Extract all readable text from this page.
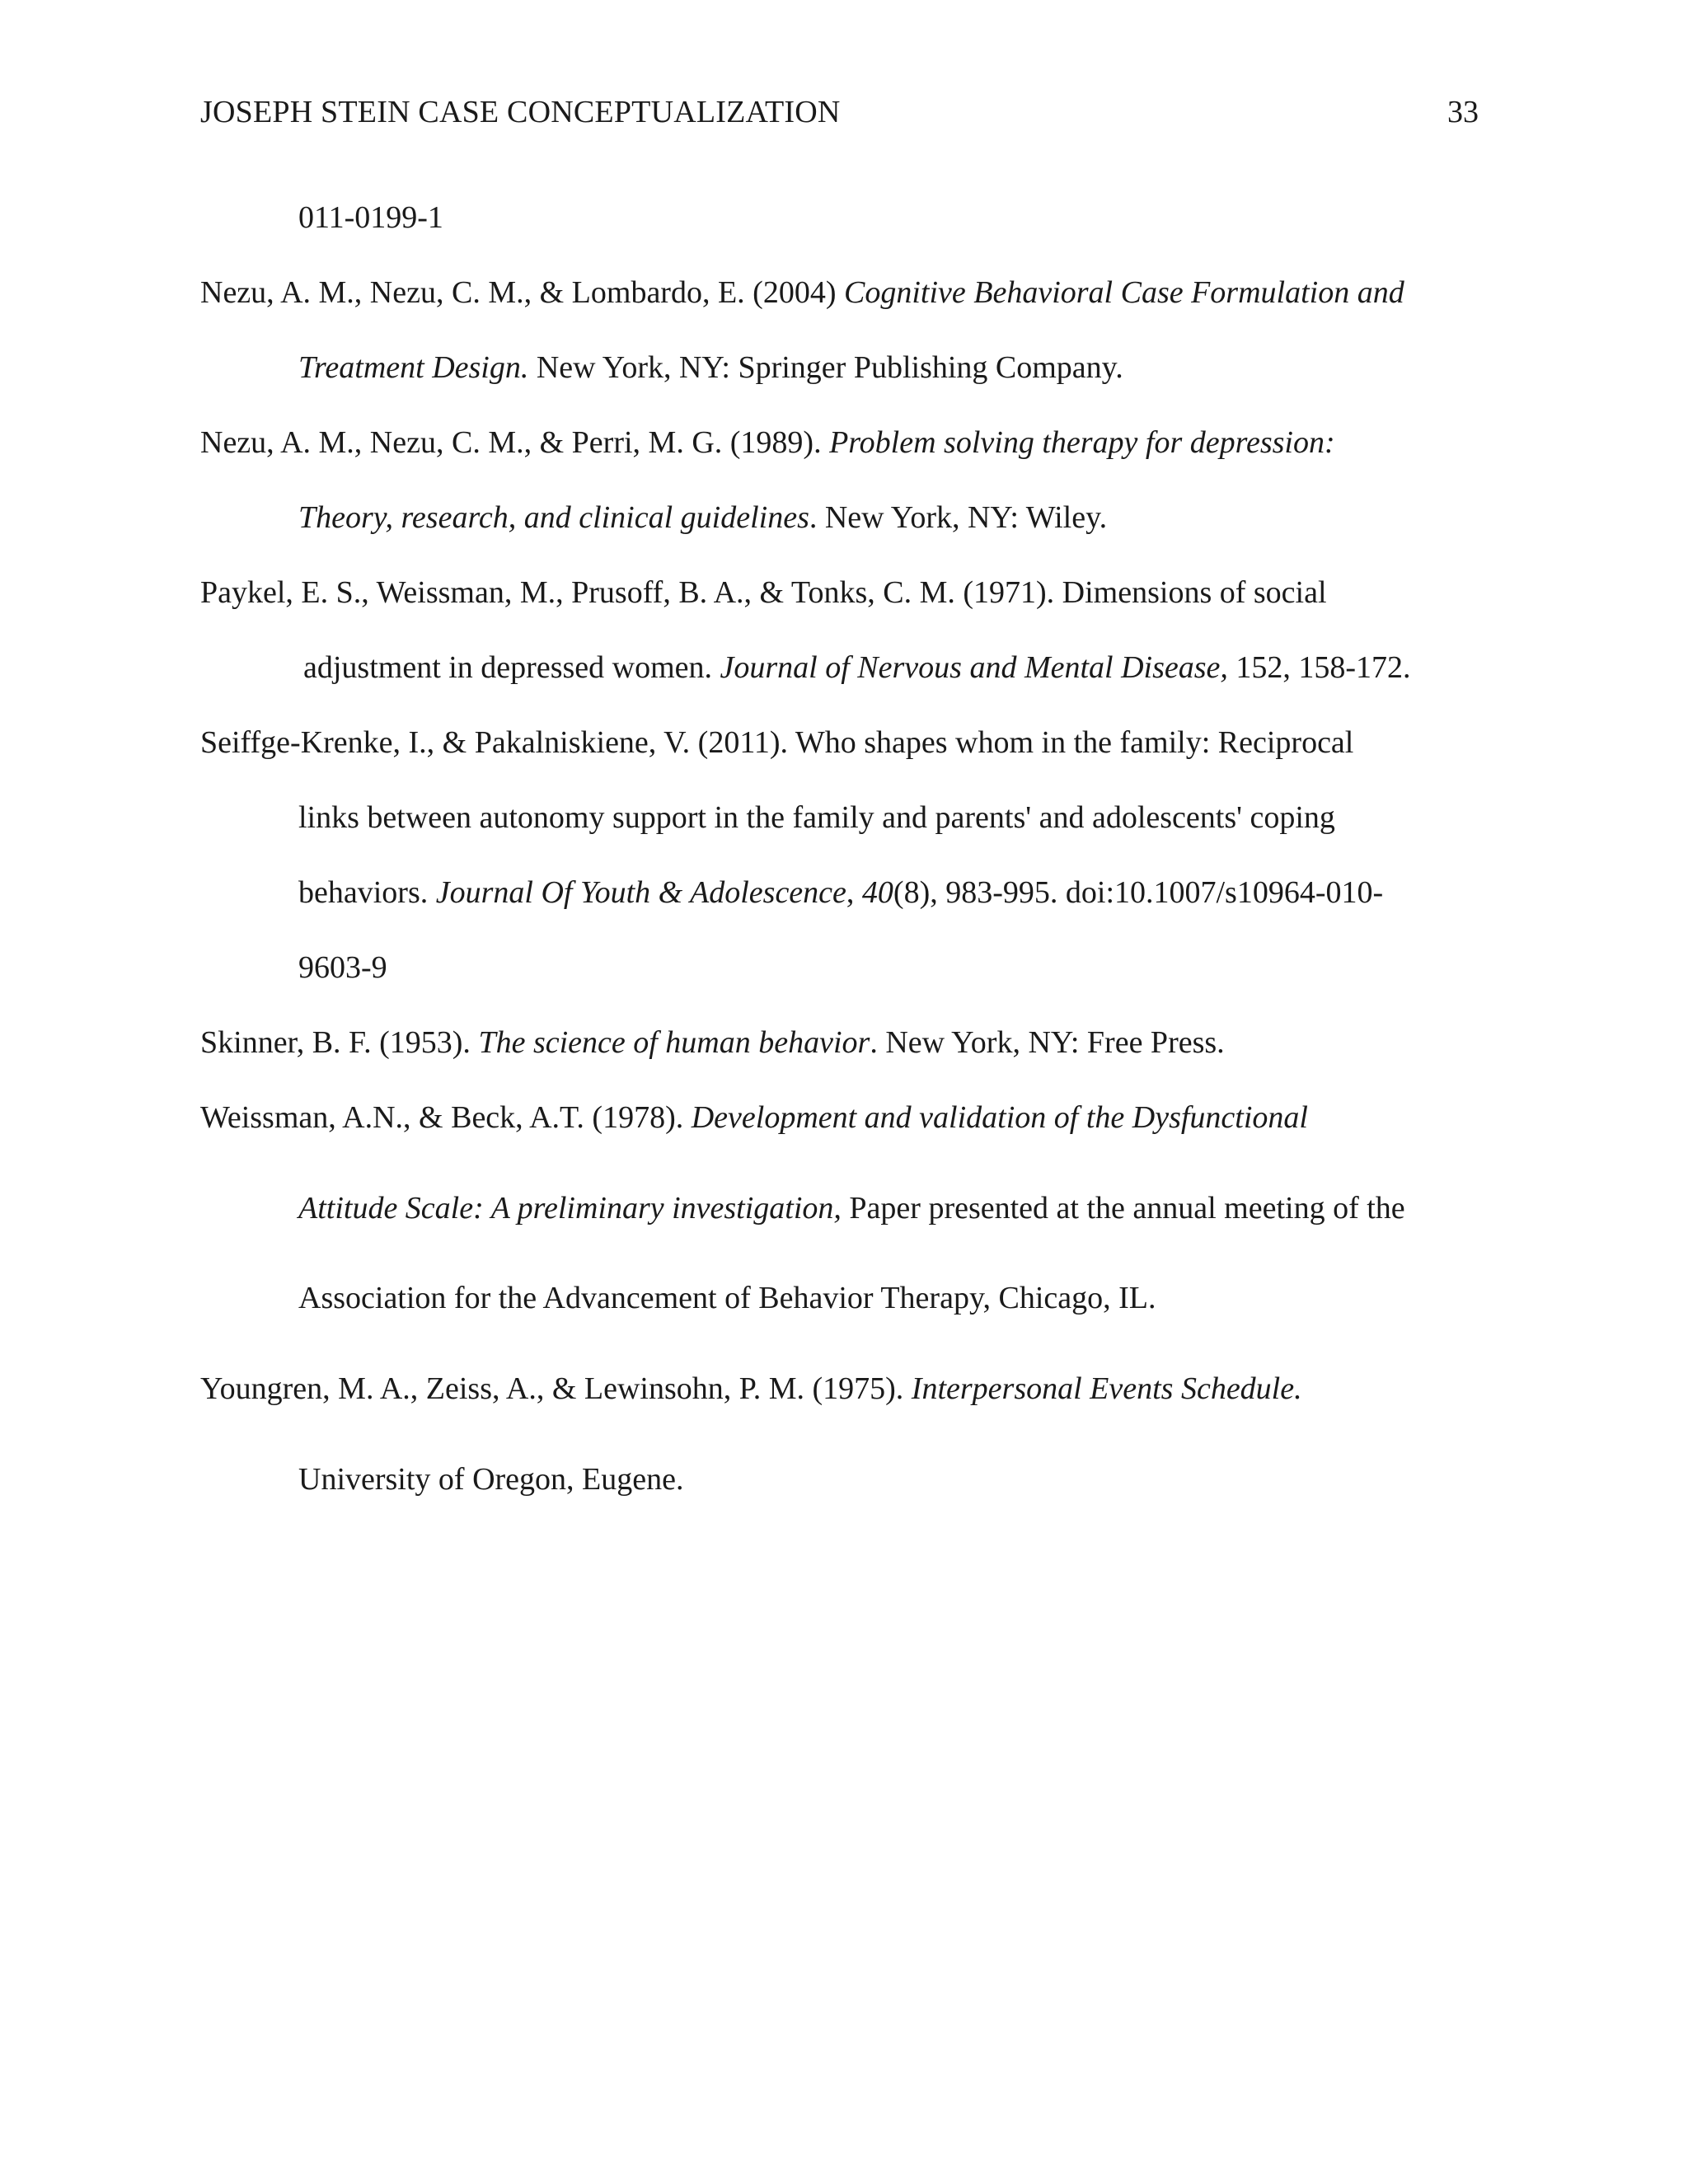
JOSEPH STEIN CASE CONCEPTUALIZATION	33
011-0199-1
Nezu, A. M., Nezu, C. M., & Lombardo, E. (2004) Cognitive Behavioral Case Formulation and
Treatment Design. New York, NY: Springer Publishing Company.
Nezu, A. M., Nezu, C. M., & Perri, M. G. (1989). Problem solving therapy for depression:
Theory, research, and clinical guidelines. New York, NY: Wiley.
Paykel, E. S., Weissman, M., Prusoff, B. A., & Tonks, C. M. (1971). Dimensions of social
adjustment in depressed women. Journal of Nervous and Mental Disease, 152, 158-172.
Seiffge-Krenke, I., & Pakalniskiene, V. (2011). Who shapes whom in the family: Reciprocal
links between autonomy support in the family and parents' and adolescents' coping
behaviors. Journal Of Youth & Adolescence, 40(8), 983-995. doi:10.1007/s10964-010-
9603-9
Skinner, B. F. (1953). The science of human behavior. New York, NY: Free Press.
Weissman, A.N., & Beck, A.T. (1978). Development and validation of the Dysfunctional
Attitude Scale: A preliminary investigation, Paper presented at the annual meeting of the
Association for the Advancement of Behavior Therapy, Chicago, IL.
Youngren, M. A., Zeiss, A., & Lewinsohn, P. M. (1975). Interpersonal Events Schedule.
University of Oregon, Eugene.
